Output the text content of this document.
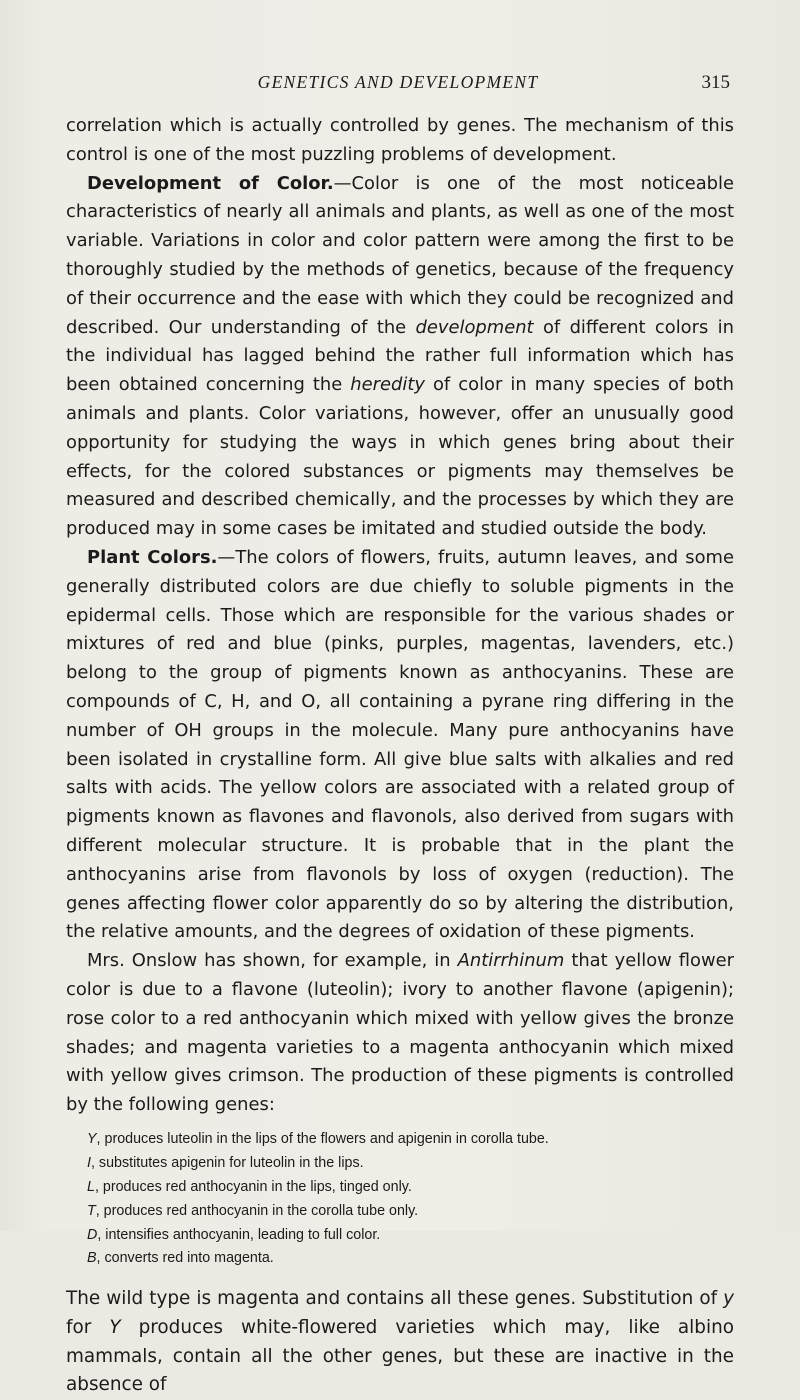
GENETICS AND DEVELOPMENT	315

correlation which is actually controlled by genes. The mechanism of this control is one of the most puzzling problems of development.

Development of Color.—Color is one of the most noticeable characteristics of nearly all animals and plants, as well as one of the most variable. Variations in color and color pattern were among the first to be thoroughly studied by the methods of genetics, because of the frequency of their occurrence and the ease with which they could be recognized and described. Our understanding of the development of different colors in the individual has lagged behind the rather full information which has been obtained concerning the heredity of color in many species of both animals and plants. Color variations, however, offer an unusually good opportunity for studying the ways in which genes bring about their effects, for the colored substances or pigments may themselves be measured and described chemically, and the processes by which they are produced may in some cases be imitated and studied outside the body.

Plant Colors.—The colors of flowers, fruits, autumn leaves, and some generally distributed colors are due chiefly to soluble pigments in the epidermal cells. Those which are responsible for the various shades or mixtures of red and blue (pinks, purples, magentas, lavenders, etc.) belong to the group of pigments known as anthocyanins. These are compounds of C, H, and O, all containing a pyrane ring differing in the number of OH groups in the molecule. Many pure anthocyanins have been isolated in crystalline form. All give blue salts with alkalies and red salts with acids. The yellow colors are associated with a related group of pigments known as flavones and flavonols, also derived from sugars with different molecular structure. It is probable that in the plant the anthocyanins arise from flavonols by loss of oxygen (reduction). The genes affecting flower color apparently do so by altering the distribution, the relative amounts, and the degrees of oxidation of these pigments.

Mrs. Onslow has shown, for example, in Antirrhinum that yellow flower color is due to a flavone (luteolin); ivory to another flavone (apigenin); rose color to a red anthocyanin which mixed with yellow gives the bronze shades; and magenta varieties to a magenta anthocyanin which mixed with yellow gives crimson. The production of these pigments is controlled by the following genes:

Y, produces luteolin in the lips of the flowers and apigenin in corolla tube.
I, substitutes apigenin for luteolin in the lips.
L, produces red anthocyanin in the lips, tinged only.
T, produces red anthocyanin in the corolla tube only.
D, intensifies anthocyanin, leading to full color.
B, converts red into magenta.

The wild type is magenta and contains all these genes. Substitution of y for Y produces white-flowered varieties which may, like albino mammals, contain all the other genes, but these are inactive in the absence of
